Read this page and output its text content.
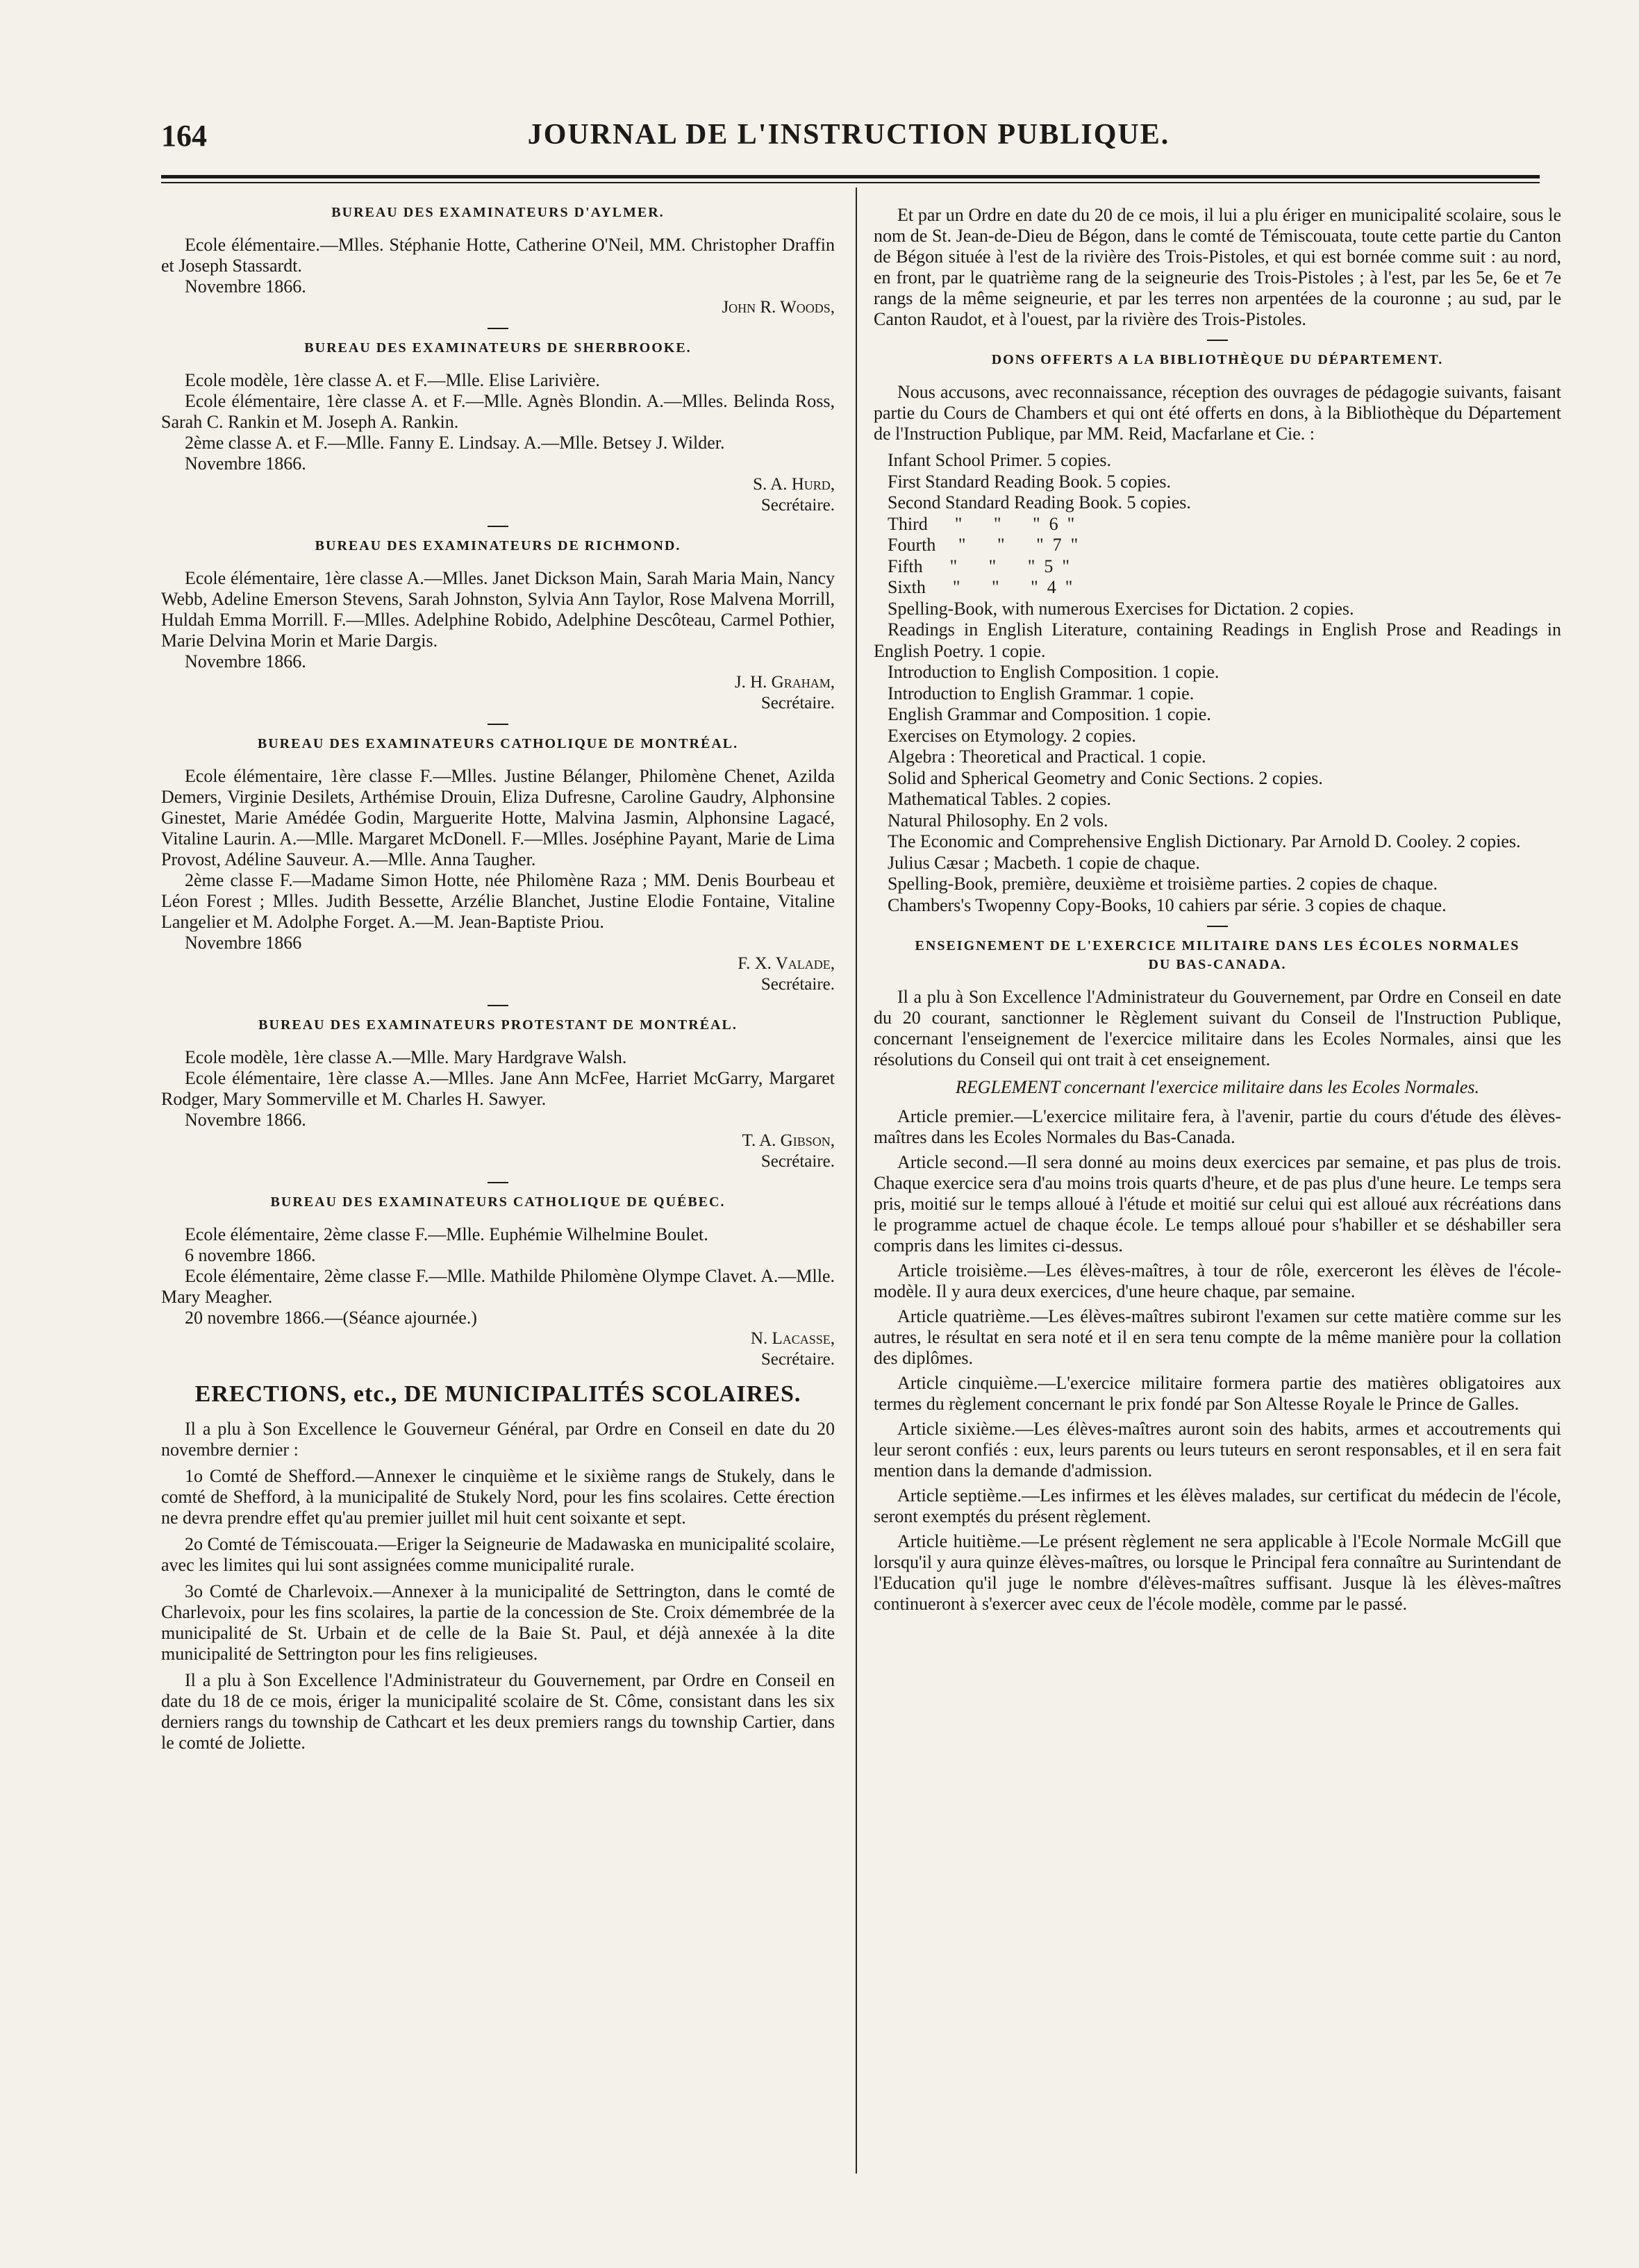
164	JOURNAL DE L'INSTRUCTION PUBLIQUE.
BUREAU DES EXAMINATEURS D'AYLMER.

Ecole élémentaire.—Mlles. Stéphanie Hotte, Catherine O'Neil, MM. Christopher Draffin et Joseph Stassardt.

Novembre 1866.

John R. Woods,

BUREAU DES EXAMINATEURS DE SHERBROOKE.

Ecole modèle, 1ère classe A. et F.—Mlle. Elise Larivière.

Ecole élémentaire, 1ère classe A. et F.—Mlle. Agnès Blondin. A.—Mlles. Belinda Ross, Sarah C. Rankin et M. Joseph A. Rankin.

2ème classe A. et F.—Mlle. Fanny E. Lindsay. A.—Mlle. Betsey J. Wilder.

Novembre 1866.

S. A. Hurd,

Secrétaire.

BUREAU DES EXAMINATEURS DE RICHMOND.

Ecole élémentaire, 1ère classe A.—Mlles. Janet Dickson Main, Sarah Maria Main, Nancy Webb, Adeline Emerson Stevens, Sarah Johnston, Sylvia Ann Taylor, Rose Malvena Morrill, Huldah Emma Morrill. F.—Mlles. Adelphine Robido, Adelphine Descôteau, Carmel Pothier, Marie Delvina Morin et Marie Dargis.

Novembre 1866.

J. H. Graham,

Secrétaire.

BUREAU DES EXAMINATEURS CATHOLIQUE DE MONTRÉAL.

Ecole élémentaire, 1ère classe F.—Mlles. Justine Bélanger, Philomène Chenet, Azilda Demers, Virginie Desilets, Arthémise Drouin, Eliza Dufresne, Caroline Gaudry, Alphonsine Ginestet, Marie Amédée Godin, Marguerite Hotte, Malvina Jasmin, Alphonsine Lagacé, Vitaline Laurin. A.—Mlle. Margaret McDonell. F.—Mlles. Joséphine Payant, Marie de Lima Provost, Adéline Sauveur. A.—Mlle. Anna Taugher.

2ème classe F.—Madame Simon Hotte, née Philomène Raza ; MM. Denis Bourbeau et Léon Forest ; Mlles. Judith Bessette, Arzélie Blanchet, Justine Elodie Fontaine, Vitaline Langelier et M. Adolphe Forget. A.—M. Jean-Baptiste Priou.

Novembre 1866

F. X. Valade,

Secrétaire.

BUREAU DES EXAMINATEURS PROTESTANT DE MONTRÉAL.

Ecole modèle, 1ère classe A.—Mlle. Mary Hardgrave Walsh.

Ecole élémentaire, 1ère classe A.—Mlles. Jane Ann McFee, Harriet McGarry, Margaret Rodger, Mary Sommerville et M. Charles H. Sawyer.

Novembre 1866.

T. A. Gibson,

Secrétaire.

BUREAU DES EXAMINATEURS CATHOLIQUE DE QUÉBEC.

Ecole élémentaire, 2ème classe F.—Mlle. Euphémie Wilhelmine Boulet.

6 novembre 1866.

Ecole élémentaire, 2ème classe F.—Mlle. Mathilde Philomène Olympe Clavet. A.—Mlle. Mary Meagher.

20 novembre 1866.—(Séance ajournée.)

N. Lacasse,

Secrétaire.

ERECTIONS, etc., DE MUNICIPALITÉS SCOLAIRES.

Il a plu à Son Excellence le Gouverneur Général, par Ordre en Conseil en date du 20 novembre dernier :

1o Comté de Shefford.—Annexer le cinquième et le sixième rangs de Stukely, dans le comté de Shefford, à la municipalité de Stukely Nord, pour les fins scolaires. Cette érection ne devra prendre effet qu'au premier juillet mil huit cent soixante et sept.

2o Comté de Témiscouata.—Eriger la Seigneurie de Madawaska en municipalité scolaire, avec les limites qui lui sont assignées comme municipalité rurale.

3o Comté de Charlevoix.—Annexer à la municipalité de Settrington, dans le comté de Charlevoix, pour les fins scolaires, la partie de la concession de Ste. Croix démembrée de la municipalité de St. Urbain et de celle de la Baie St. Paul, et déjà annexée à la dite municipalité de Settrington pour les fins religieuses.

Il a plu à Son Excellence l'Administrateur du Gouvernement, par Ordre en Conseil en date du 18 de ce mois, ériger la municipalité scolaire de St. Côme, consistant dans les six derniers rangs du township de Cathcart et les deux premiers rangs du township Cartier, dans le comté de Joliette.

Et par un Ordre en date du 20 de ce mois, il lui a plu ériger en municipalité scolaire, sous le nom de St. Jean-de-Dieu de Bégon, dans le comté de Témiscouata, toute cette partie du Canton de Bégon située à l'est de la rivière des Trois-Pistoles, et qui est bornée comme suit : au nord, en front, par le quatrième rang de la seigneurie des Trois-Pistoles ; à l'est, par les 5e, 6e et 7e rangs de la même seigneurie, et par les terres non arpentées de la couronne ; au sud, par le Canton Raudot, et à l'ouest, par la rivière des Trois-Pistoles.

DONS OFFERTS A LA BIBLIOTHÈQUE DU DÉPARTEMENT.

Nous accusons, avec reconnaissance, réception des ouvrages de pédagogie suivants, faisant partie du Cours de Chambers et qui ont été offerts en dons, à la Bibliothèque du Département de l'Instruction Publique, par MM. Reid, Macfarlane et Cie. :

Infant School Primer. 5 copies.

First Standard Reading Book. 5 copies.

Second Standard Reading Book. 5 copies.

Third      "       "       "  6  "

Fourth     "       "       "  7  "

Fifth      "       "       "  5  "

Sixth      "       "       "  4  "

Spelling-Book, with numerous Exercises for Dictation. 2 copies.

Readings in English Literature, containing Readings in English Prose and Readings in English Poetry. 1 copie.

Introduction to English Composition. 1 copie.

Introduction to English Grammar. 1 copie.

English Grammar and Composition. 1 copie.

Exercises on Etymology. 2 copies.

Algebra : Theoretical and Practical. 1 copie.

Solid and Spherical Geometry and Conic Sections. 2 copies.

Mathematical Tables. 2 copies.

Natural Philosophy. En 2 vols.

The Economic and Comprehensive English Dictionary. Par Arnold D. Cooley. 2 copies.

Julius Cæsar ; Macbeth. 1 copie de chaque.

Spelling-Book, première, deuxième et troisième parties. 2 copies de chaque.

Chambers's Twopenny Copy-Books, 10 cahiers par série. 3 copies de chaque.

ENSEIGNEMENT DE L'EXERCICE MILITAIRE DANS LES ÉCOLES NORMALES
DU BAS-CANADA.

Il a plu à Son Excellence l'Administrateur du Gouvernement, par Ordre en Conseil en date du 20 courant, sanctionner le Règlement suivant du Conseil de l'Instruction Publique, concernant l'enseignement de l'exercice militaire dans les Ecoles Normales, ainsi que les résolutions du Conseil qui ont trait à cet enseignement.

REGLEMENT concernant l'exercice militaire dans les Ecoles Normales.

Article premier.—L'exercice militaire fera, à l'avenir, partie du cours d'étude des élèves-maîtres dans les Ecoles Normales du Bas-Canada.

Article second.—Il sera donné au moins deux exercices par semaine, et pas plus de trois. Chaque exercice sera d'au moins trois quarts d'heure, et de pas plus d'une heure. Le temps sera pris, moitié sur le temps alloué à l'étude et moitié sur celui qui est alloué aux récréations dans le programme actuel de chaque école. Le temps alloué pour s'habiller et se déshabiller sera compris dans les limites ci-dessus.

Article troisième.—Les élèves-maîtres, à tour de rôle, exerceront les élèves de l'école-modèle. Il y aura deux exercices, d'une heure chaque, par semaine.

Article quatrième.—Les élèves-maîtres subiront l'examen sur cette matière comme sur les autres, le résultat en sera noté et il en sera tenu compte de la même manière pour la collation des diplômes.

Article cinquième.—L'exercice militaire formera partie des matières obligatoires aux termes du règlement concernant le prix fondé par Son Altesse Royale le Prince de Galles.

Article sixième.—Les élèves-maîtres auront soin des habits, armes et accoutrements qui leur seront confiés : eux, leurs parents ou leurs tuteurs en seront responsables, et il en sera fait mention dans la demande d'admission.

Article septième.—Les infirmes et les élèves malades, sur certificat du médecin de l'école, seront exemptés du présent règlement.

Article huitième.—Le présent règlement ne sera applicable à l'Ecole Normale McGill que lorsqu'il y aura quinze élèves-maîtres, ou lorsque le Principal fera connaître au Surintendant de l'Education qu'il juge le nombre d'élèves-maîtres suffisant. Jusque là les élèves-maîtres continueront à s'exercer avec ceux de l'école modèle, comme par le passé.
